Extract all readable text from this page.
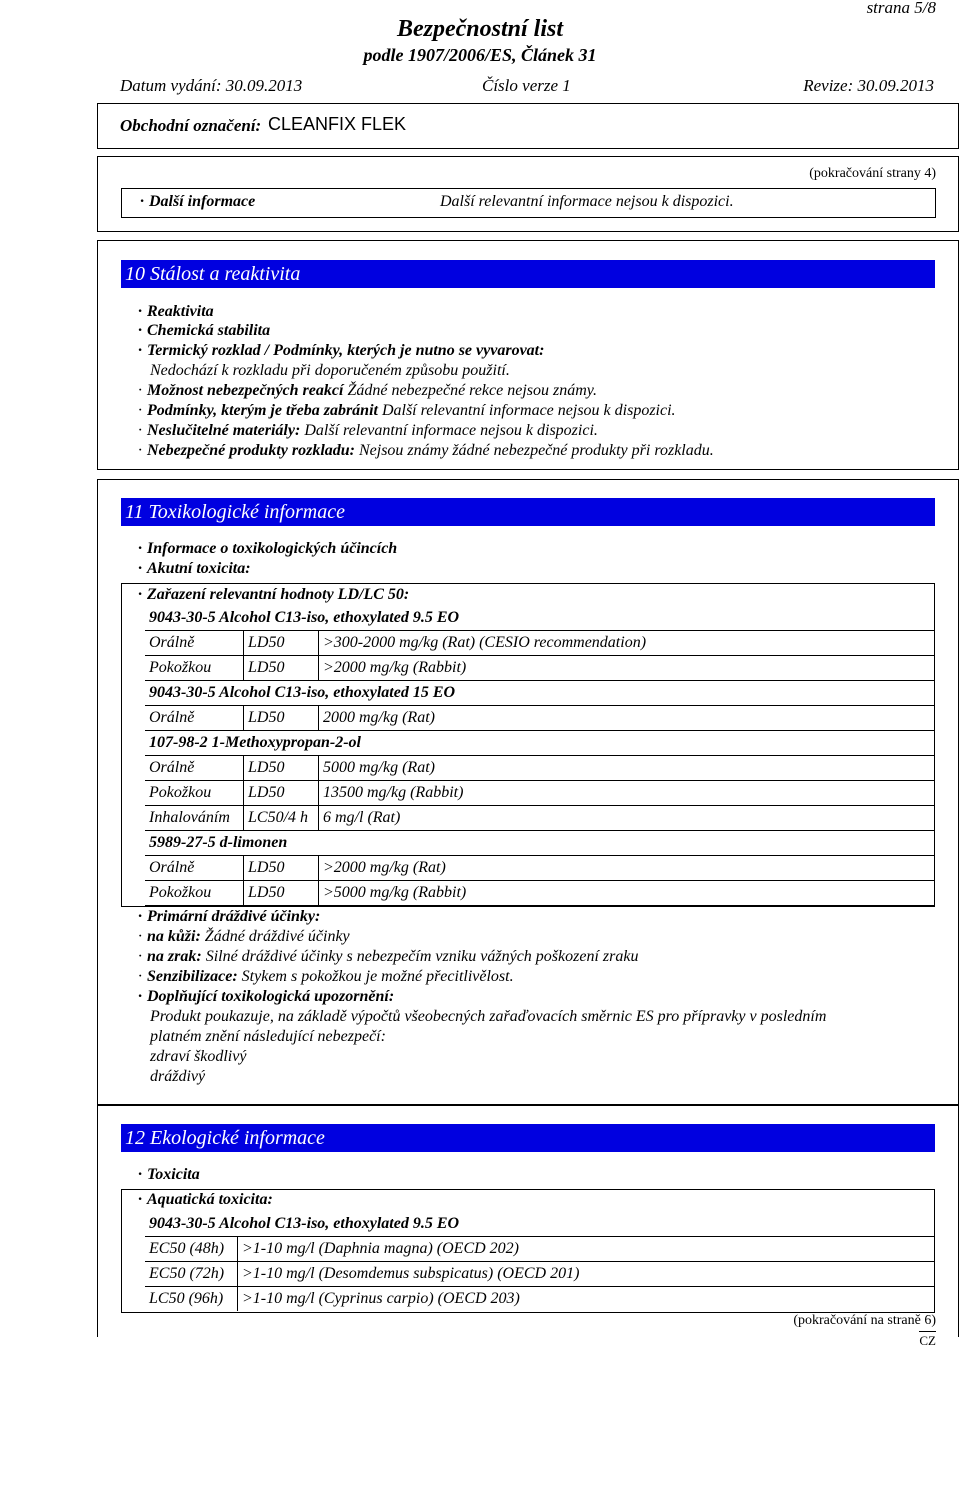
strana 5/8
Bezpečnostní list
podle 1907/2006/ES, Článek 31
Datum vydání: 30.09.2013	Číslo verze 1	Revize: 30.09.2013
Obchodní označení: CLEANFIX FLEK
(pokračování strany 4)
· Další informace	Další relevantní informace nejsou k dispozici.
10 Stálost a reaktivita
· Reaktivita
· Chemická stabilita
· Termický rozklad / Podmínky, kterých je nutno se vyvarovat:
Nedochází k rozkladu při doporučeném způsobu použití.
· Možnost nebezpečných reakcí Žádné nebezpečné rekce nejsou známy.
· Podmínky, kterým je třeba zabránit Další relevantní informace nejsou k dispozici.
· Neslučitelné materiály: Další relevantní informace nejsou k dispozici.
· Nebezpečné produkty rozkladu: Nejsou známy žádné nebezpečné produkty při rozkladu.
11 Toxikologické informace
· Informace o toxikologických účincích
· Akutní toxicita:
· Zařazení relevantní hodnoty LD/LC 50:
9043-30-5 Alcohol C13-iso, ethoxylated 9.5 EO		
Orálně	LD50	>300-2000 mg/kg (Rat) (CESIO recommendation)
Pokožkou	LD50	>2000 mg/kg (Rabbit)
9043-30-5 Alcohol C13-iso, ethoxylated 15 EO		
Orálně	LD50	2000 mg/kg (Rat)
107-98-2 1-Methoxypropan-2-ol		
Orálně	LD50	5000 mg/kg (Rat)
Pokožkou	LD50	13500 mg/kg (Rabbit)
Inhalováním	LC50/4 h	6 mg/l (Rat)
5989-27-5 d-limonen		
Orálně	LD50	>2000 mg/kg (Rat)
Pokožkou	LD50	>5000 mg/kg (Rabbit)
· Primární dráždivé účinky:
· na kůži: Žádné dráždivé účinky
· na zrak: Silné dráždivé účinky s nebezpečím vzniku vážných poškození zraku
· Senzibilizace: Stykem s pokožkou je možné přecitlivělost.
· Doplňující toxikologická upozornění:
Produkt poukazuje, na základě výpočtů všeobecných zařaďovacích směrnic ES pro přípravky v posledním
platném znění následující nebezpečí:
zdraví škodlivý
dráždivý
12 Ekologické informace
· Toxicita
· Aquatická toxicita:
9043-30-5 Alcohol C13-iso, ethoxylated 9.5 EO	
EC50 (48h)	>1-10 mg/l (Daphnia magna) (OECD 202)
EC50 (72h)	>1-10 mg/l (Desomdemus subspicatus) (OECD 201)
LC50 (96h)	>1-10 mg/l (Cyprinus carpio) (OECD 203)
(pokračování na straně 6)
CZ
